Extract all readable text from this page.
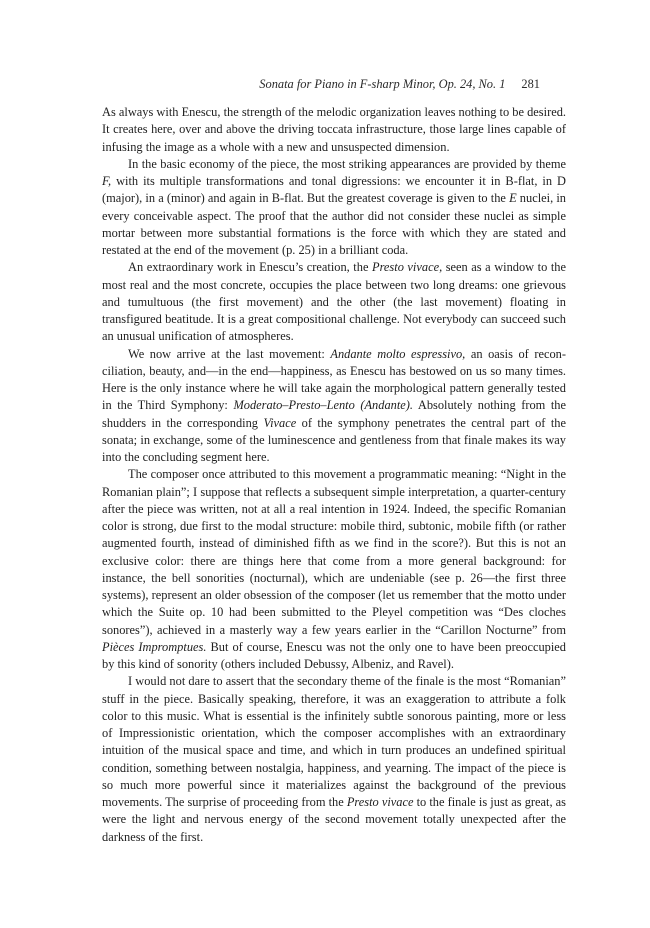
Sonata for Piano in F-sharp Minor, Op. 24, No. 1 281

As always with Enescu, the strength of the melodic organization leaves nothing to be desired. It creates here, over and above the driving toccata infrastructure, those large lines capable of infusing the image as a whole with a new and unsuspected dimension.

In the basic economy of the piece, the most striking appearances are provided by theme F, with its multiple transformations and tonal digressions: we encounter it in B-flat, in D (major), in a (minor) and again in B-flat. But the greatest coverage is given to the E nuclei, in every conceivable aspect. The proof that the author did not consider these nuclei as simple mortar between more substantial formations is the force with which they are stated and restated at the end of the movement (p. 25) in a brilliant coda.

An extraordinary work in Enescu’s creation, the Presto vivace, seen as a window to the most real and the most concrete, occupies the place between two long dreams: one grievous and tumultuous (the first movement) and the other (the last movement) floating in transfigured beatitude. It is a great compositional challenge. Not everybody can succeed such an unusual unification of atmospheres.

We now arrive at the last movement: Andante molto espressivo, an oasis of reconciliation, beauty, and—in the end—happiness, as Enescu has bestowed on us so many times. Here is the only instance where he will take again the morphological pattern generally tested in the Third Symphony: Moderato–Presto–Lento (Andante). Absolutely nothing from the shudders in the corresponding Vivace of the symphony penetrates the central part of the sonata; in exchange, some of the luminescence and gentleness from that finale makes its way into the concluding segment here.

The composer once attributed to this movement a programmatic meaning: “Night in the Romanian plain”; I suppose that reflects a subsequent simple interpretation, a quarter-century after the piece was written, not at all a real intention in 1924. Indeed, the specific Romanian color is strong, due first to the modal structure: mobile third, subtonic, mobile fifth (or rather augmented fourth, instead of diminished fifth as we find in the score?). But this is not an exclusive color: there are things here that come from a more general background: for instance, the bell sonorities (nocturnal), which are undeniable (see p. 26—the first three systems), represent an older obsession of the composer (let us remember that the motto under which the Suite op. 10 had been submitted to the Pleyel competition was “Des cloches sonores”), achieved in a masterly way a few years earlier in the “Carillon Nocturne” from Pièces Impromptues. But of course, Enescu was not the only one to have been preoccupied by this kind of sonority (others included Debussy, Albeniz, and Ravel).

I would not dare to assert that the secondary theme of the finale is the most “Romanian” stuff in the piece. Basically speaking, therefore, it was an exaggeration to attribute a folk color to this music. What is essential is the infinitely subtle sonorous painting, more or less of Impressionistic orientation, which the composer accomplishes with an extraordinary intuition of the musical space and time, and which in turn produces an undefined spiritual condition, something between nostalgia, happiness, and yearning. The impact of the piece is so much more powerful since it materializes against the background of the previous movements. The surprise of proceeding from the Presto vivace to the finale is just as great, as were the light and nervous energy of the second movement totally unexpected after the darkness of the first.
